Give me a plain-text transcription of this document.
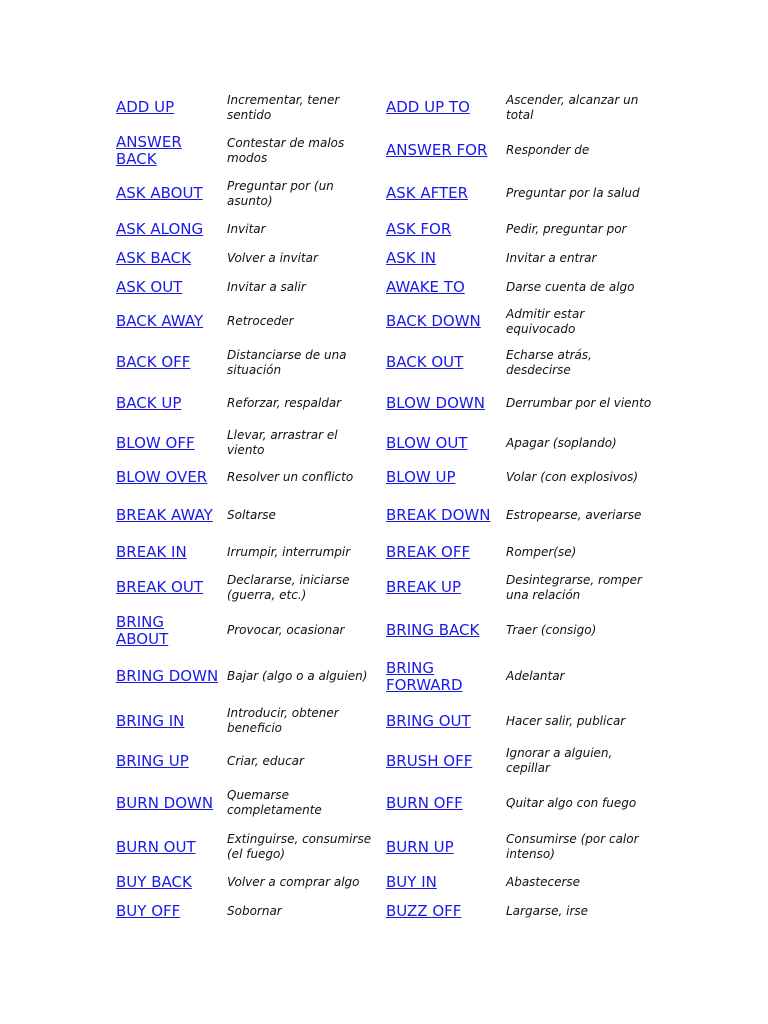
ADD UP	Incrementar, tener sentido	ADD UP TO	Ascender, alcanzar un total

ANSWER BACK	Contestar de malos modos	ANSWER FOR	Responder de

ASK ABOUT	Preguntar por (un asunto)	ASK AFTER	Preguntar por la salud

ASK ALONG	Invitar	ASK FOR	Pedir, preguntar por

ASK BACK	Volver a invitar	ASK IN	Invitar a entrar

ASK OUT	Invitar a salir	AWAKE TO	Darse cuenta de algo

BACK AWAY	Retroceder	BACK DOWN	Admitir estar equivocado

BACK OFF	Distanciarse de una situación	BACK OUT	Echarse atrás, desdecirse

BACK UP	Reforzar, respaldar	BLOW DOWN	Derrumbar por el viento

BLOW OFF	Llevar, arrastrar el viento	BLOW OUT	Apagar (soplando)

BLOW OVER	Resolver un conflicto	BLOW UP	Volar (con explosivos)

BREAK AWAY	Soltarse	BREAK DOWN	Estropearse, averiarse

BREAK IN	Irrumpir, interrumpir	BREAK OFF	Romper(se)

BREAK OUT	Declararse, iniciarse (guerra, etc.)	BREAK UP	Desintegrarse, romper una relación

BRING ABOUT	Provocar, ocasionar	BRING BACK	Traer (consigo)

BRING DOWN	Bajar (algo o a alguien)	BRING FORWARD	Adelantar

BRING IN	Introducir, obtener beneficio	BRING OUT	Hacer salir, publicar

BRING UP	Criar, educar	BRUSH OFF	Ignorar a alguien, cepillar

BURN DOWN	Quemarse completamente	BURN OFF	Quitar algo con fuego

BURN OUT	Extinguirse, consumirse (el fuego)	BURN UP	Consumirse (por calor intenso)

BUY BACK	Volver a comprar algo	BUY IN	Abastecerse

BUY OFF	Sobornar	BUZZ OFF	Largarse, irse
